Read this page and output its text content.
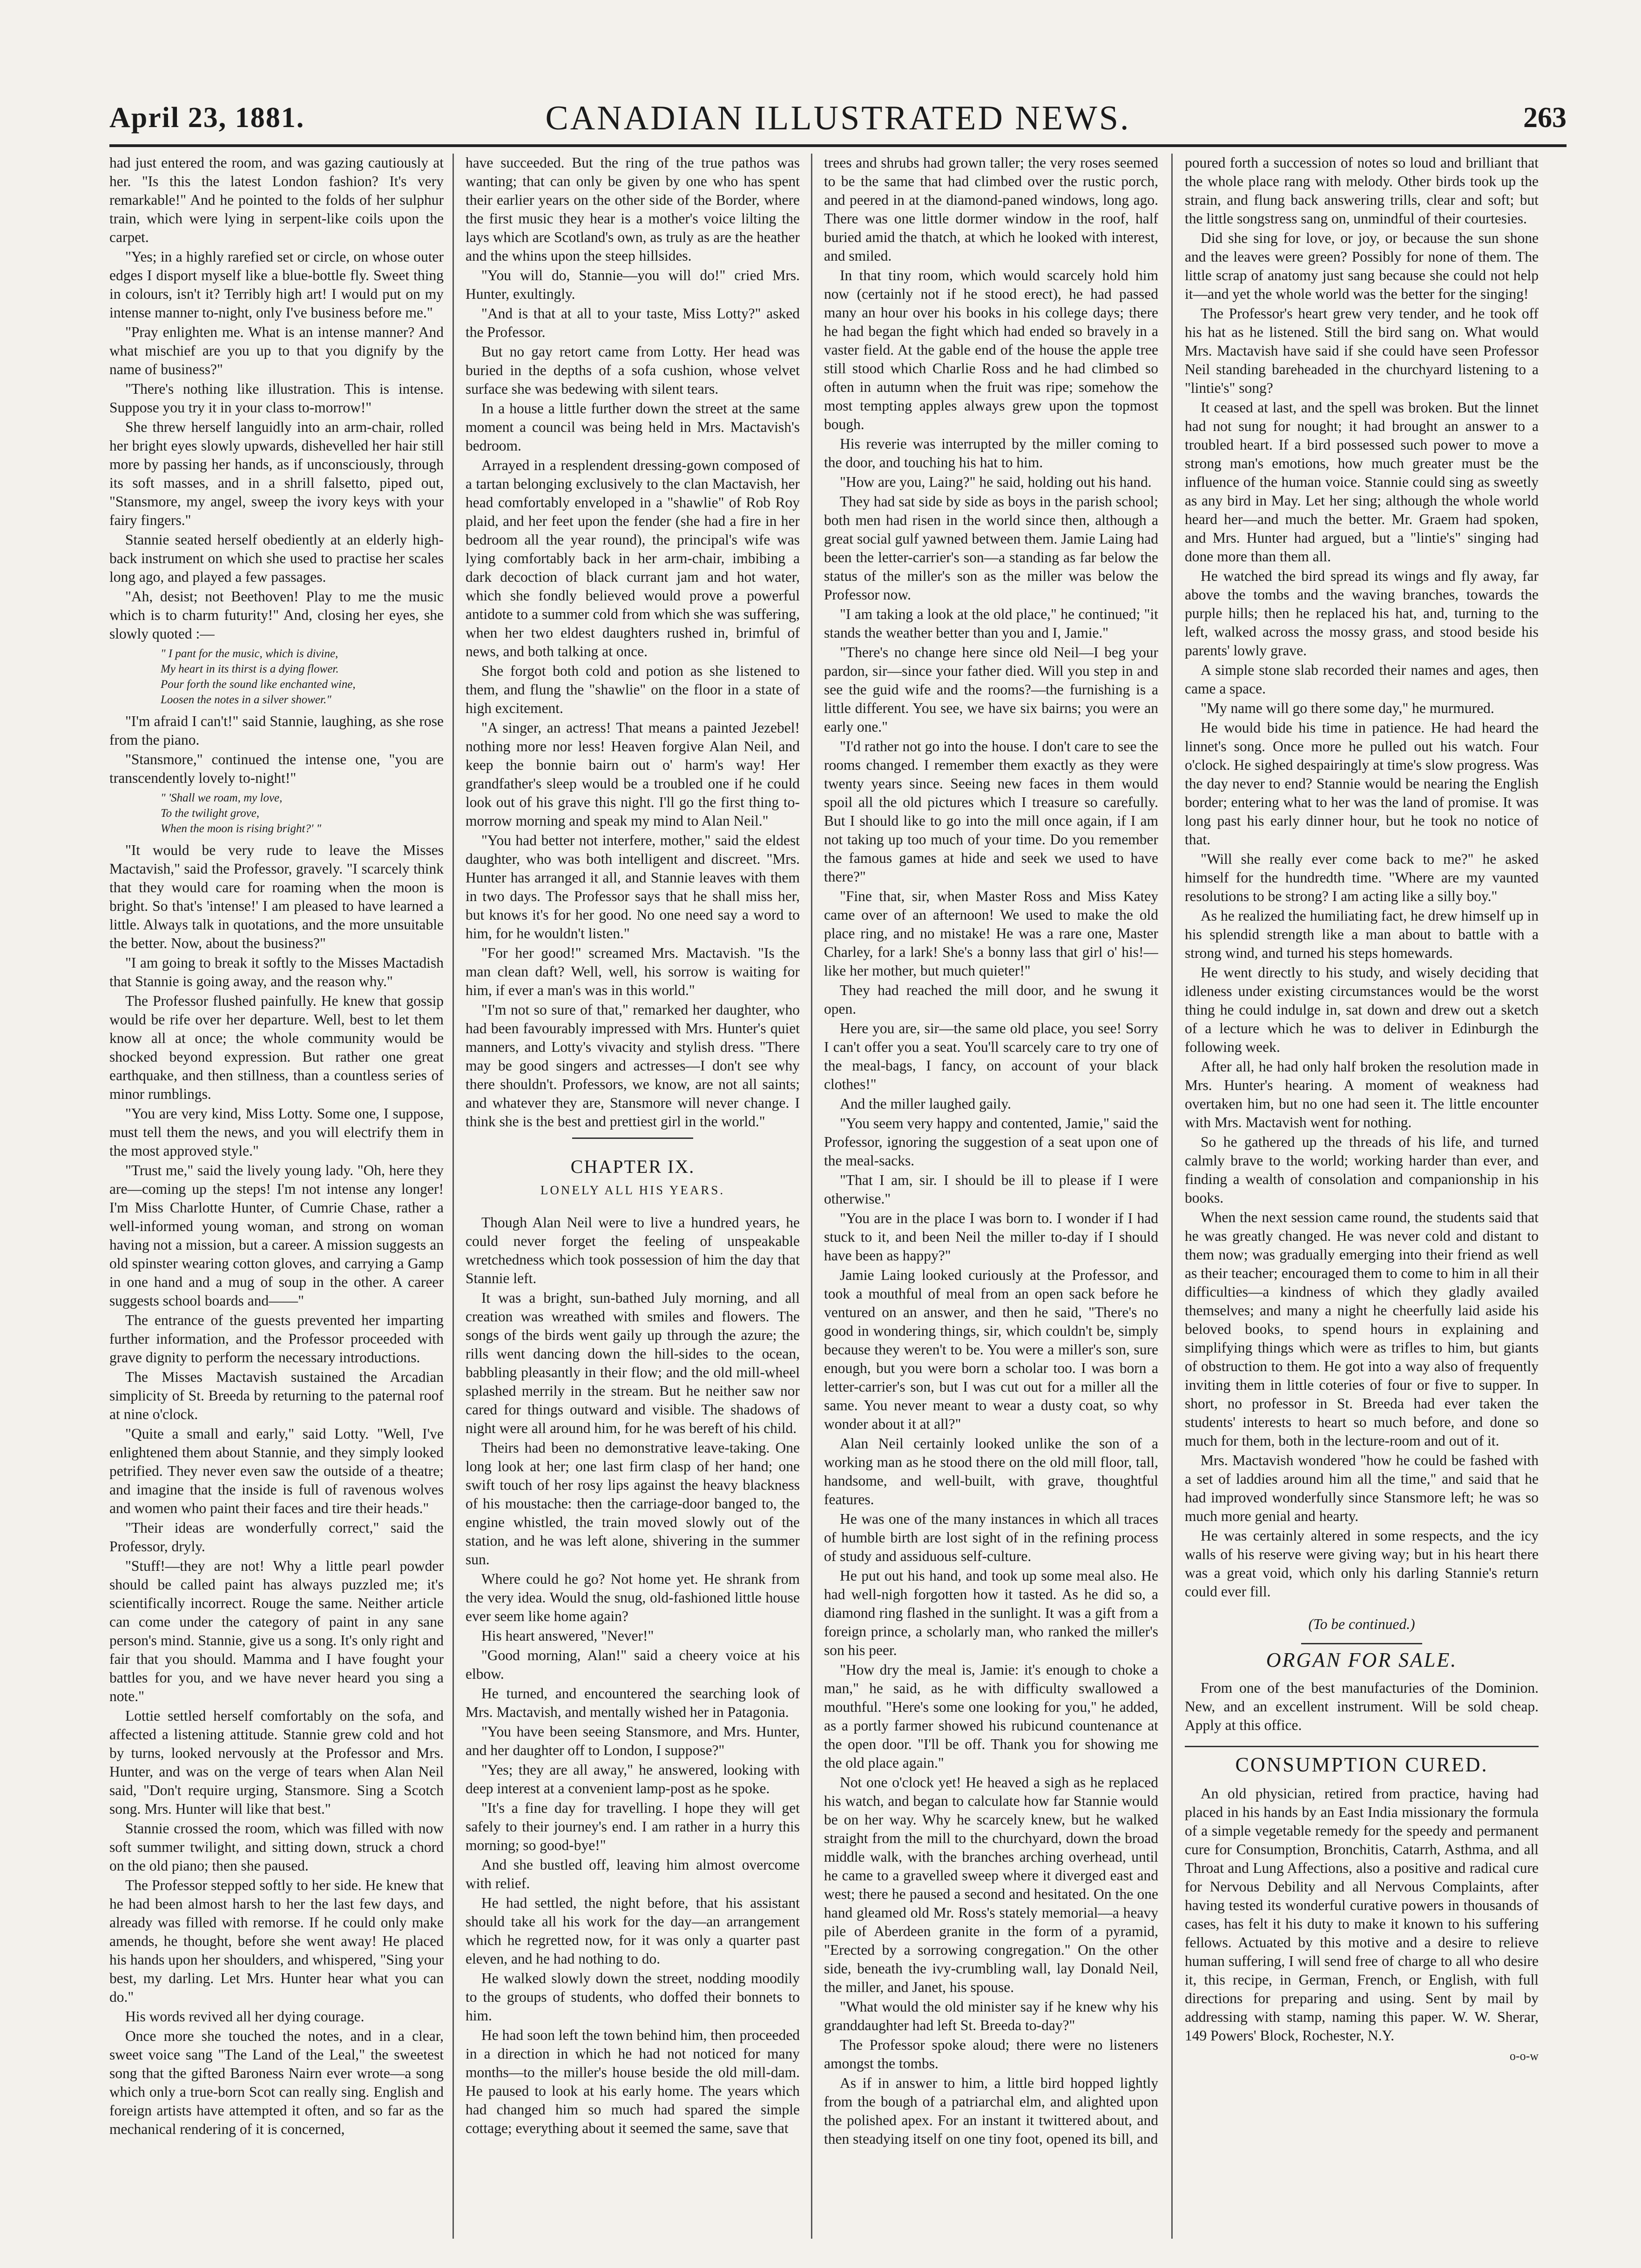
April 23, 1881.	CANADIAN ILLUSTRATED NEWS.	263

had just entered the room, and was gazing cautiously at her. "Is this the latest London fashion? It's very remarkable!" And he pointed to the folds of her sulphur train, which were lying in serpent-like coils upon the carpet.

"Yes; in a highly rarefied set or circle, on whose outer edges I disport myself like a blue-bottle fly. Sweet thing in colours, isn't it? Terribly high art! I would put on my intense manner to-night, only I've business before me."

"Pray enlighten me. What is an intense manner? And what mischief are you up to that you dignify by the name of business?"

"There's nothing like illustration. This is intense. Suppose you try it in your class to-morrow!"

She threw herself languidly into an arm-chair, rolled her bright eyes slowly upwards, dishevelled her hair still more by passing her hands, as if unconsciously, through its soft masses, and in a shrill falsetto, piped out, "Stansmore, my angel, sweep the ivory keys with your fairy fingers."

Stannie seated herself obediently at an elderly high-back instrument on which she used to practise her scales long ago, and played a few passages.

"Ah, desist; not Beethoven! Play to me the music which is to charm futurity!" And, closing her eyes, she slowly quoted :—

" I pant for the music, which is divine,
My heart in its thirst is a dying flower.
Pour forth the sound like enchanted wine,
Loosen the notes in a silver shower."

"I'm afraid I can't!" said Stannie, laughing, as she rose from the piano.

"Stansmore," continued the intense one, "you are transcendently lovely to-night!"

" 'Shall we roam, my love,
To the twilight grove,
When the moon is rising bright?' "

"It would be very rude to leave the Misses Mactavish," said the Professor, gravely. "I scarcely think that they would care for roaming when the moon is bright. So that's 'intense!' I am pleased to have learned a little. Always talk in quotations, and the more unsuitable the better. Now, about the business?"

"I am going to break it softly to the Misses Mactadish that Stannie is going away, and the reason why."

The Professor flushed painfully. He knew that gossip would be rife over her departure. Well, best to let them know all at once; the whole community would be shocked beyond expression. But rather one great earthquake, and then stillness, than a countless series of minor rumblings.

"You are very kind, Miss Lotty. Some one, I suppose, must tell them the news, and you will electrify them in the most approved style."

"Trust me," said the lively young lady. "Oh, here they are—coming up the steps! I'm not intense any longer! I'm Miss Charlotte Hunter, of Cumrie Chase, rather a well-informed young woman, and strong on woman having not a mission, but a career. A mission suggests an old spinster wearing cotton gloves, and carrying a Gamp in one hand and a mug of soup in the other. A career suggests school boards and——"

The entrance of the guests prevented her imparting further information, and the Professor proceeded with grave dignity to perform the necessary introductions.

The Misses Mactavish sustained the Arcadian simplicity of St. Breeda by returning to the paternal roof at nine o'clock.

"Quite a small and early," said Lotty. "Well, I've enlightened them about Stannie, and they simply looked petrified. They never even saw the outside of a theatre; and imagine that the inside is full of ravenous wolves and women who paint their faces and tire their heads."

"Their ideas are wonderfully correct," said the Professor, dryly.

"Stuff!—they are not! Why a little pearl powder should be called paint has always puzzled me; it's scientifically incorrect. Rouge the same. Neither article can come under the category of paint in any sane person's mind. Stannie, give us a song. It's only right and fair that you should. Mamma and I have fought your battles for you, and we have never heard you sing a note."

Lottie settled herself comfortably on the sofa, and affected a listening attitude. Stannie grew cold and hot by turns, looked nervously at the Professor and Mrs. Hunter, and was on the verge of tears when Alan Neil said, "Don't require urging, Stansmore. Sing a Scotch song. Mrs. Hunter will like that best."

Stannie crossed the room, which was filled with now soft summer twilight, and sitting down, struck a chord on the old piano; then she paused.

The Professor stepped softly to her side. He knew that he had been almost harsh to her the last few days, and already was filled with remorse. If he could only make amends, he thought, before she went away! He placed his hands upon her shoulders, and whispered, "Sing your best, my darling. Let Mrs. Hunter hear what you can do."

His words revived all her dying courage.

Once more she touched the notes, and in a clear, sweet voice sang "The Land of the Leal," the sweetest song that the gifted Baroness Nairn ever wrote—a song which only a true-born Scot can really sing. English and foreign artists have attempted it often, and so far as the mechanical rendering of it is concerned,

have succeeded. But the ring of the true pathos was wanting; that can only be given by one who has spent their earlier years on the other side of the Border, where the first music they hear is a mother's voice lilting the lays which are Scotland's own, as truly as are the heather and the whins upon the steep hillsides.

"You will do, Stannie—you will do!" cried Mrs. Hunter, exultingly.

"And is that at all to your taste, Miss Lotty?" asked the Professor.

But no gay retort came from Lotty. Her head was buried in the depths of a sofa cushion, whose velvet surface she was bedewing with silent tears.

In a house a little further down the street at the same moment a council was being held in Mrs. Mactavish's bedroom.

Arrayed in a resplendent dressing-gown composed of a tartan belonging exclusively to the clan Mactavish, her head comfortably enveloped in a "shawlie" of Rob Roy plaid, and her feet upon the fender (she had a fire in her bedroom all the year round), the principal's wife was lying comfortably back in her arm-chair, imbibing a dark decoction of black currant jam and hot water, which she fondly believed would prove a powerful antidote to a summer cold from which she was suffering, when her two eldest daughters rushed in, brimful of news, and both talking at once.

She forgot both cold and potion as she listened to them, and flung the "shawlie" on the floor in a state of high excitement.

"A singer, an actress! That means a painted Jezebel! nothing more nor less! Heaven forgive Alan Neil, and keep the bonnie bairn out o' harm's way! Her grandfather's sleep would be a troubled one if he could look out of his grave this night. I'll go the first thing to-morrow morning and speak my mind to Alan Neil."

"You had better not interfere, mother," said the eldest daughter, who was both intelligent and discreet. "Mrs. Hunter has arranged it all, and Stannie leaves with them in two days. The Professor says that he shall miss her, but knows it's for her good. No one need say a word to him, for he wouldn't listen."

"For her good!" screamed Mrs. Mactavish. "Is the man clean daft? Well, well, his sorrow is waiting for him, if ever a man's was in this world."

"I'm not so sure of that," remarked her daughter, who had been favourably impressed with Mrs. Hunter's quiet manners, and Lotty's vivacity and stylish dress. "There may be good singers and actresses—I don't see why there shouldn't. Professors, we know, are not all saints; and whatever they are, Stansmore will never change. I think she is the best and prettiest girl in the world."

CHAPTER IX.
LONELY ALL HIS YEARS.

Though Alan Neil were to live a hundred years, he could never forget the feeling of unspeakable wretchedness which took possession of him the day that Stannie left.

It was a bright, sun-bathed July morning, and all creation was wreathed with smiles and flowers. The songs of the birds went gaily up through the azure; the rills went dancing down the hill-sides to the ocean, babbling pleasantly in their flow; and the old mill-wheel splashed merrily in the stream. But he neither saw nor cared for things outward and visible. The shadows of night were all around him, for he was bereft of his child.

Theirs had been no demonstrative leave-taking. One long look at her; one last firm clasp of her hand; one swift touch of her rosy lips against the heavy blackness of his moustache: then the carriage-door banged to, the engine whistled, the train moved slowly out of the station, and he was left alone, shivering in the summer sun.

Where could he go? Not home yet. He shrank from the very idea. Would the snug, old-fashioned little house ever seem like home again?

His heart answered, "Never!"

"Good morning, Alan!" said a cheery voice at his elbow.

He turned, and encountered the searching look of Mrs. Mactavish, and mentally wished her in Patagonia.

"You have been seeing Stansmore, and Mrs. Hunter, and her daughter off to London, I suppose?"

"Yes; they are all away," he answered, looking with deep interest at a convenient lamp-post as he spoke.

"It's a fine day for travelling. I hope they will get safely to their journey's end. I am rather in a hurry this morning; so good-bye!"

And she bustled off, leaving him almost overcome with relief.

He had settled, the night before, that his assistant should take all his work for the day—an arrangement which he regretted now, for it was only a quarter past eleven, and he had nothing to do.

He walked slowly down the street, nodding moodily to the groups of students, who doffed their bonnets to him.

He had soon left the town behind him, then proceeded in a direction in which he had not noticed for many months—to the miller's house beside the old mill-dam. He paused to look at his early home. The years which had changed him so much had spared the simple cottage; everything about it seemed the same, save that

trees and shrubs had grown taller; the very roses seemed to be the same that had climbed over the rustic porch, and peered in at the diamond-paned windows, long ago. There was one little dormer window in the roof, half buried amid the thatch, at which he looked with interest, and smiled.

In that tiny room, which would scarcely hold him now (certainly not if he stood erect), he had passed many an hour over his books in his college days; there he had began the fight which had ended so bravely in a vaster field. At the gable end of the house the apple tree still stood which Charlie Ross and he had climbed so often in autumn when the fruit was ripe; somehow the most tempting apples always grew upon the topmost bough.

His reverie was interrupted by the miller coming to the door, and touching his hat to him.

"How are you, Laing?" he said, holding out his hand.

They had sat side by side as boys in the parish school; both men had risen in the world since then, although a great social gulf yawned between them. Jamie Laing had been the letter-carrier's son—a standing as far below the status of the miller's son as the miller was below the Professor now.

"I am taking a look at the old place," he continued; "it stands the weather better than you and I, Jamie."

"There's no change here since old Neil—I beg your pardon, sir—since your father died. Will you step in and see the guid wife and the rooms?—the furnishing is a little different. You see, we have six bairns; you were an early one."

"I'd rather not go into the house. I don't care to see the rooms changed. I remember them exactly as they were twenty years since. Seeing new faces in them would spoil all the old pictures which I treasure so carefully. But I should like to go into the mill once again, if I am not taking up too much of your time. Do you remember the famous games at hide and seek we used to have there?"

"Fine that, sir, when Master Ross and Miss Katey came over of an afternoon! We used to make the old place ring, and no mistake! He was a rare one, Master Charley, for a lark! She's a bonny lass that girl o' his!—like her mother, but much quieter!"

They had reached the mill door, and he swung it open.

Here you are, sir—the same old place, you see! Sorry I can't offer you a seat. You'll scarcely care to try one of the meal-bags, I fancy, on account of your black clothes!"

And the miller laughed gaily.

"You seem very happy and contented, Jamie," said the Professor, ignoring the suggestion of a seat upon one of the meal-sacks.

"That I am, sir. I should be ill to please if I were otherwise."

"You are in the place I was born to. I wonder if I had stuck to it, and been Neil the miller to-day if I should have been as happy?"

Jamie Laing looked curiously at the Professor, and took a mouthful of meal from an open sack before he ventured on an answer, and then he said, "There's no good in wondering things, sir, which couldn't be, simply because they weren't to be. You were a miller's son, sure enough, but you were born a scholar too. I was born a letter-carrier's son, but I was cut out for a miller all the same. You never meant to wear a dusty coat, so why wonder about it at all?"

Alan Neil certainly looked unlike the son of a working man as he stood there on the old mill floor, tall, handsome, and well-built, with grave, thoughtful features.

He was one of the many instances in which all traces of humble birth are lost sight of in the refining process of study and assiduous self-culture.

He put out his hand, and took up some meal also. He had well-nigh forgotten how it tasted. As he did so, a diamond ring flashed in the sunlight. It was a gift from a foreign prince, a scholarly man, who ranked the miller's son his peer.

"How dry the meal is, Jamie: it's enough to choke a man," he said, as he with difficulty swallowed a mouthful. "Here's some one looking for you," he added, as a portly farmer showed his rubicund countenance at the open door. "I'll be off. Thank you for showing me the old place again."

Not one o'clock yet! He heaved a sigh as he replaced his watch, and began to calculate how far Stannie would be on her way. Why he scarcely knew, but he walked straight from the mill to the churchyard, down the broad middle walk, with the branches arching overhead, until he came to a gravelled sweep where it diverged east and west; there he paused a second and hesitated. On the one hand gleamed old Mr. Ross's stately memorial—a heavy pile of Aberdeen granite in the form of a pyramid, "Erected by a sorrowing congregation." On the other side, beneath the ivy-crumbling wall, lay Donald Neil, the miller, and Janet, his spouse.

"What would the old minister say if he knew why his granddaughter had left St. Breeda to-day?"

The Professor spoke aloud; there were no listeners amongst the tombs.

As if in answer to him, a little bird hopped lightly from the bough of a patriarchal elm, and alighted upon the polished apex. For an instant it twittered about, and then steadying itself on one tiny foot, opened its bill, and

poured forth a succession of notes so loud and brilliant that the whole place rang with melody. Other birds took up the strain, and flung back answering trills, clear and soft; but the little songstress sang on, unmindful of their courtesies.

Did she sing for love, or joy, or because the sun shone and the leaves were green? Possibly for none of them. The little scrap of anatomy just sang because she could not help it—and yet the whole world was the better for the singing!

The Professor's heart grew very tender, and he took off his hat as he listened. Still the bird sang on. What would Mrs. Mactavish have said if she could have seen Professor Neil standing bareheaded in the churchyard listening to a "lintie's" song?

It ceased at last, and the spell was broken. But the linnet had not sung for nought; it had brought an answer to a troubled heart. If a bird possessed such power to move a strong man's emotions, how much greater must be the influence of the human voice. Stannie could sing as sweetly as any bird in May. Let her sing; although the whole world heard her—and much the better. Mr. Graem had spoken, and Mrs. Hunter had argued, but a "lintie's" singing had done more than them all.

He watched the bird spread its wings and fly away, far above the tombs and the waving branches, towards the purple hills; then he replaced his hat, and, turning to the left, walked across the mossy grass, and stood beside his parents' lowly grave.

A simple stone slab recorded their names and ages, then came a space.

"My name will go there some day," he murmured.

He would bide his time in patience. He had heard the linnet's song. Once more he pulled out his watch. Four o'clock. He sighed despairingly at time's slow progress. Was the day never to end? Stannie would be nearing the English border; entering what to her was the land of promise. It was long past his early dinner hour, but he took no notice of that.

"Will she really ever come back to me?" he asked himself for the hundredth time. "Where are my vaunted resolutions to be strong? I am acting like a silly boy."

As he realized the humiliating fact, he drew himself up in his splendid strength like a man about to battle with a strong wind, and turned his steps homewards.

He went directly to his study, and wisely deciding that idleness under existing circumstances would be the worst thing he could indulge in, sat down and drew out a sketch of a lecture which he was to deliver in Edinburgh the following week.

After all, he had only half broken the resolution made in Mrs. Hunter's hearing. A moment of weakness had overtaken him, but no one had seen it. The little encounter with Mrs. Mactavish went for nothing.

So he gathered up the threads of his life, and turned calmly brave to the world; working harder than ever, and finding a wealth of consolation and companionship in his books.

When the next session came round, the students said that he was greatly changed. He was never cold and distant to them now; was gradually emerging into their friend as well as their teacher; encouraged them to come to him in all their difficulties—a kindness of which they gladly availed themselves; and many a night he cheerfully laid aside his beloved books, to spend hours in explaining and simplifying things which were as trifles to him, but giants of obstruction to them. He got into a way also of frequently inviting them in little coteries of four or five to supper. In short, no professor in St. Breeda had ever taken the students' interests to heart so much before, and done so much for them, both in the lecture-room and out of it.

Mrs. Mactavish wondered "how he could be fashed with a set of laddies around him all the time," and said that he had improved wonderfully since Stansmore left; he was so much more genial and hearty.

He was certainly altered in some respects, and the icy walls of his reserve were giving way; but in his heart there was a great void, which only his darling Stannie's return could ever fill.

(To be continued.)
ORGAN FOR SALE.

From one of the best manufacturies of the Dominion. New, and an excellent instrument. Will be sold cheap. Apply at this office.

CONSUMPTION CURED.

An old physician, retired from practice, having had placed in his hands by an East India missionary the formula of a simple vegetable remedy for the speedy and permanent cure for Consumption, Bronchitis, Catarrh, Asthma, and all Throat and Lung Affections, also a positive and radical cure for Nervous Debility and all Nervous Complaints, after having tested its wonderful curative powers in thousands of cases, has felt it his duty to make it known to his suffering fellows. Actuated by this motive and a desire to relieve human suffering, I will send free of charge to all who desire it, this recipe, in German, French, or English, with full directions for preparing and using. Sent by mail by addressing with stamp, naming this paper. W. W. Sherar, 149 Powers' Block, Rochester, N.Y.

o-o-w
